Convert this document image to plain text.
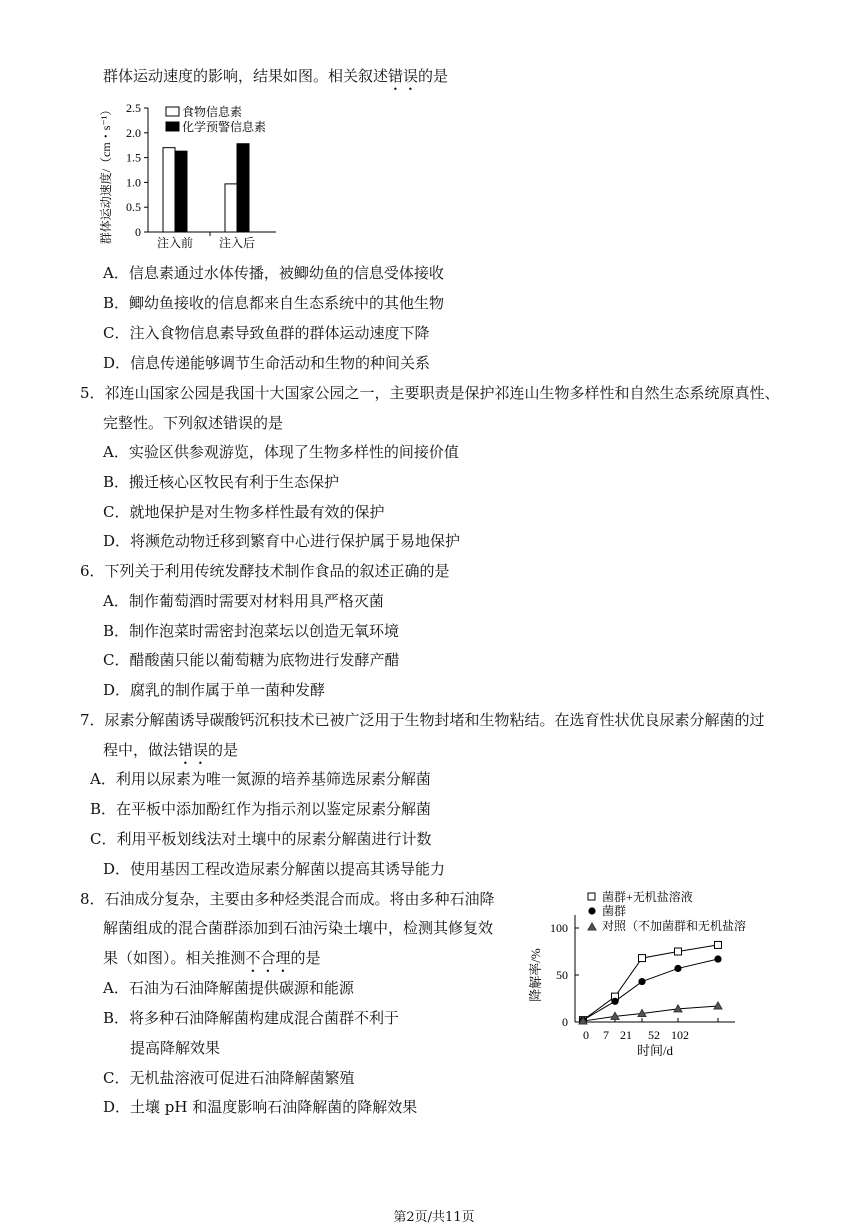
群体运动速度的影响，结果如图。相关叙述错误的是
群体运动速度/（cm・s⁻¹） 0
0.5
1.0
1.5
2.0
2.5
注入前 注入后
食物信息素
化学预警信息素
A．信息素通过水体传播，被鲫幼鱼的信息受体接收
B．鲫幼鱼接收的信息都来自生态系统中的其他生物
C．注入食物信息素导致鱼群的群体运动速度下降
D．信息传递能够调节生命活动和生物的种间关系
5．祁连山国家公园是我国十大国家公园之一，主要职责是保护祁连山生物多样性和自然生态系统原真性、
完整性。下列叙述错误的是
A．实验区供参观游览，体现了生物多样性的间接价值
B．搬迁核心区牧民有利于生态保护
C．就地保护是对生物多样性最有效的保护
D．将濒危动物迁移到繁育中心进行保护属于易地保护
6．下列关于利用传统发酵技术制作食品的叙述正确的是
A．制作葡萄酒时需要对材料用具严格灭菌
B．制作泡菜时需密封泡菜坛以创造无氧环境
C．醋酸菌只能以葡萄糖为底物进行发酵产醋
D．腐乳的制作属于单一菌种发酵
7．尿素分解菌诱导碳酸钙沉积技术已被广泛用于生物封堵和生物粘结。在选育性状优良尿素分解菌的过
程中，做法错误的是
A．利用以尿素为唯一氮源的培养基筛选尿素分解菌
B．在平板中添加酚红作为指示剂以鉴定尿素分解菌
C．利用平板划线法对土壤中的尿素分解菌进行计数
D．使用基因工程改造尿素分解菌以提高其诱导能力
8．石油成分复杂，主要由多种烃类混合而成。将由多种石油降
解菌组成的混合菌群添加到石油污染土壤中，检测其修复效
果（如图）。相关推测不合理的是
A．石油为石油降解菌提供碳源和能源
B．将多种石油降解菌构建成混合菌群不利于
提高降解效果
C．无机盐溶液可促进石油降解菌繁殖
D．土壤 pH 和温度影响石油降解菌的降解效果
降解率/%
0
50
100
0 7 21 52 102
时间/d
菌群+无机盐溶液
菌群
对照（不加菌群和无机盐溶
第2页/共11页
